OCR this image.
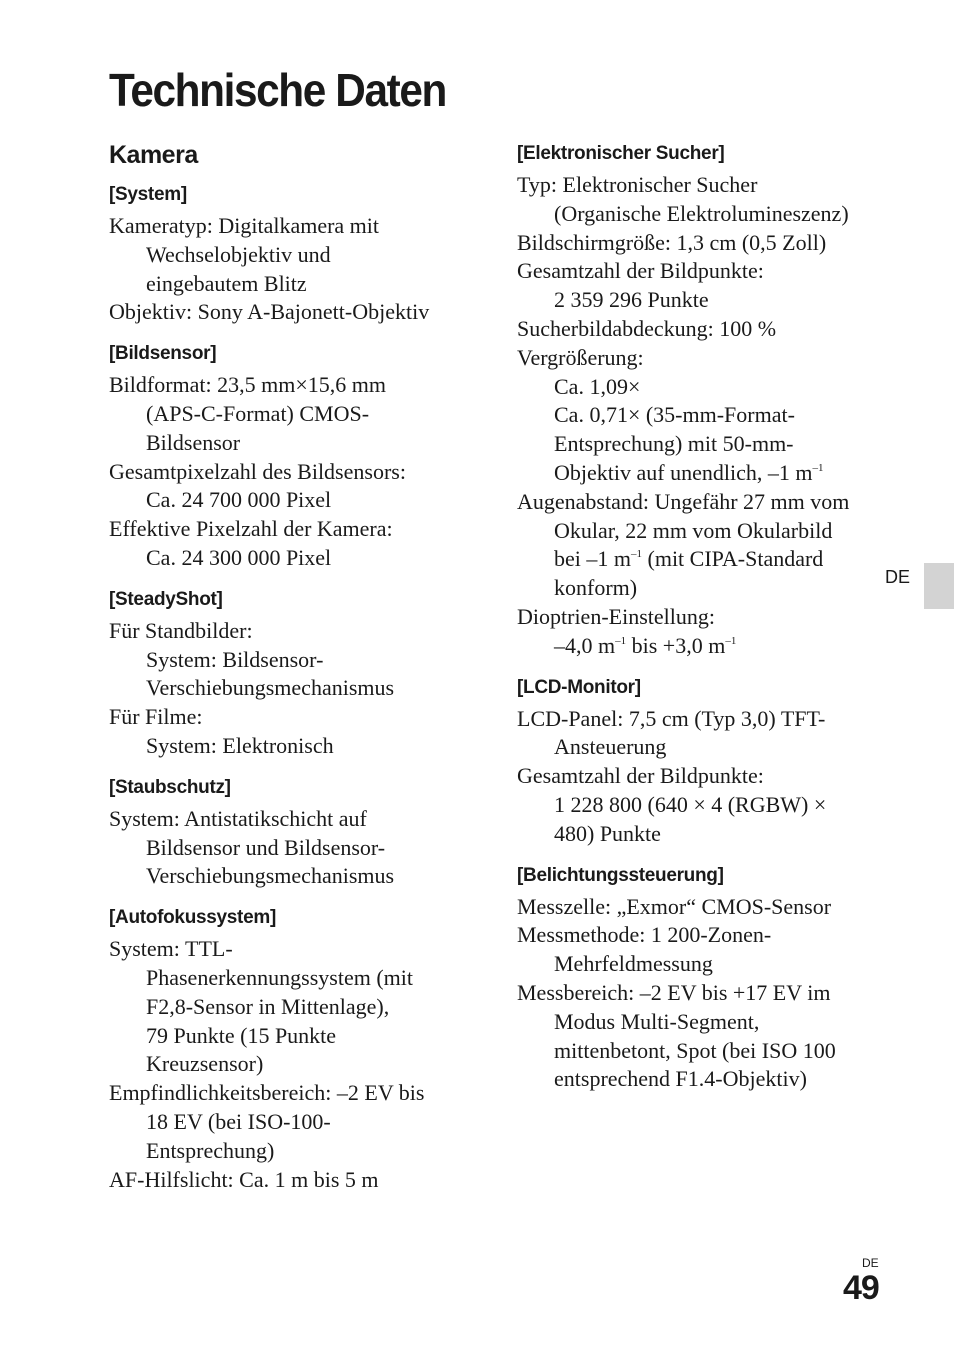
Technische Daten
Kamera
[System]
Kameratyp: Digitalkamera mit
Wechselobjektiv und
eingebautem Blitz
Objektiv: Sony A-Bajonett-Objektiv
[Bildsensor]
Bildformat: 23,5 mm×15,6 mm
(APS-C-Format) CMOS-
Bildsensor
Gesamtpixelzahl des Bildsensors:
Ca. 24 700 000 Pixel
Effektive Pixelzahl der Kamera:
Ca. 24 300 000 Pixel
[SteadyShot]
Für Standbilder:
System: Bildsensor-
Verschiebungsmechanismus
Für Filme:
System: Elektronisch
[Staubschutz]
System: Antistatikschicht auf
Bildsensor und Bildsensor-
Verschiebungsmechanismus
[Autofokussystem]
System: TTL-
Phasenerkennungssystem (mit
F2,8-Sensor in Mittenlage),
79 Punkte (15 Punkte
Kreuzsensor)
Empfindlichkeitsbereich: –2 EV bis
18 EV (bei ISO-100-
Entsprechung)
AF-Hilfslicht: Ca. 1 m bis 5 m
[Elektronischer Sucher]
Typ: Elektronischer Sucher
(Organische Elektrolumineszenz)
Bildschirmgröße: 1,3 cm (0,5 Zoll)
Gesamtzahl der Bildpunkte:
2 359 296 Punkte
Sucherbildabdeckung: 100 %
Vergrößerung:
Ca. 1,09×
Ca. 0,71× (35-mm-Format-
Entsprechung) mit 50-mm-
Objektiv auf unendlich, –1 $m^{-1}$
Augenabstand: Ungefähr 27 mm vom
Okular, 22 mm vom Okularbild
bei –1 $m^{-1}$ (mit CIPA-Standard
konform)
Dioptrien-Einstellung:
–4,0 $m^{-1}$ bis +3,0 $m^{-1}$
[LCD-Monitor]
LCD-Panel: 7,5 cm (Typ 3,0) TFT-
Ansteuerung
Gesamtzahl der Bildpunkte:
1 228 800 (640 × 4 (RGBW) ×
480) Punkte
[Belichtungssteuerung]
Messzelle: „Exmor“ CMOS-Sensor
Messmethode: 1 200-Zonen-
Mehrfeldmessung
Messbereich: –2 EV bis +17 EV im
Modus Multi-Segment,
mittenbetont, Spot (bei ISO 100
entsprechend F1.4-Objektiv)
DE
DE
49
